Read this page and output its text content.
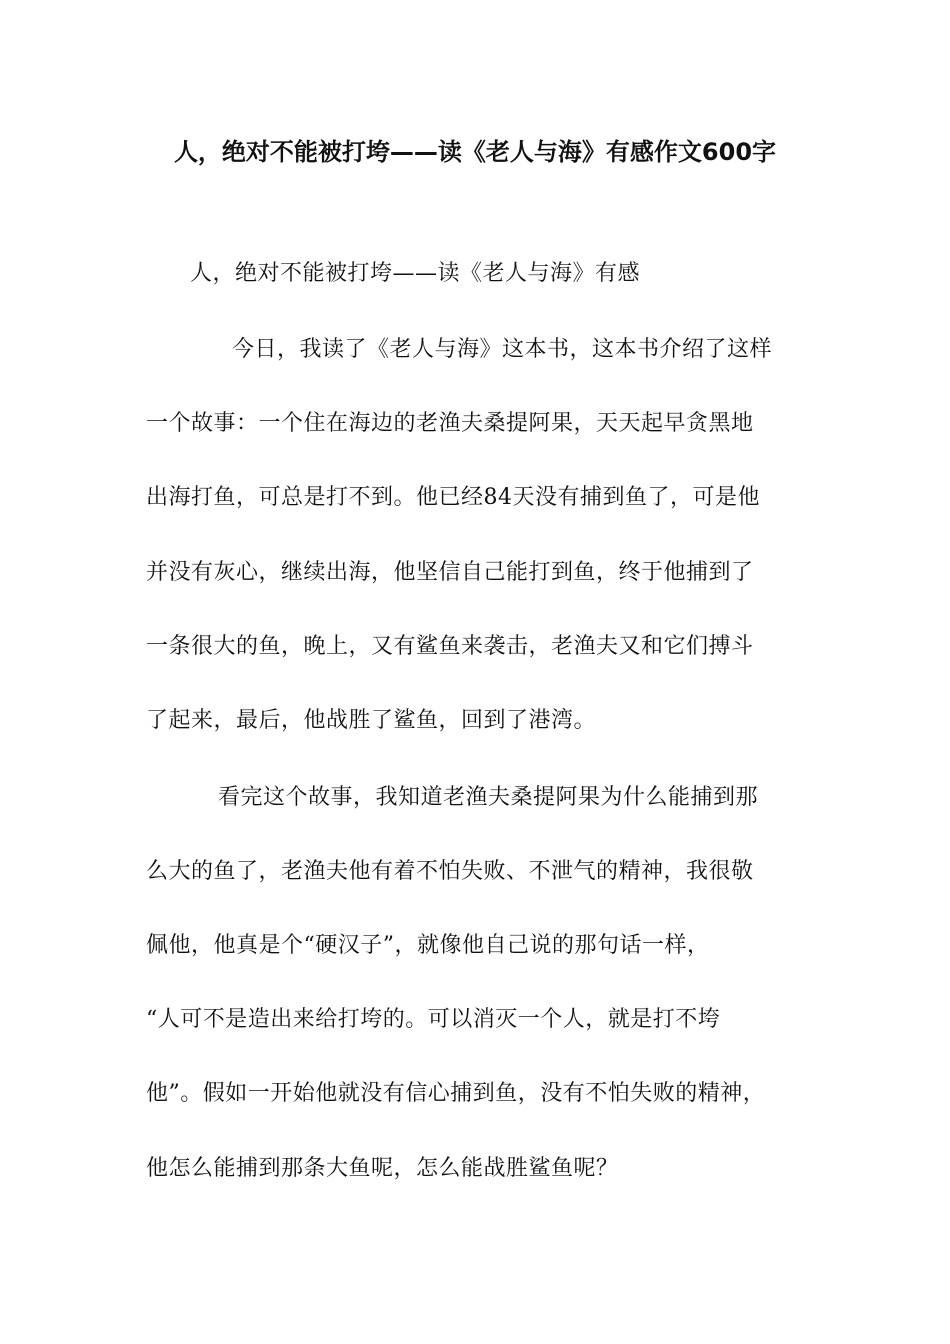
人，绝对不能被打垮——读《老人与海》有感作文600字
人，绝对不能被打垮——读《老人与海》有感
今日，我读了《老人与海》这本书，这本书介绍了这样
一个故事：一个住在海边的老渔夫桑提阿果，天天起早贪黑地
出海打鱼，可总是打不到。他已经84天没有捕到鱼了，可是他
并没有灰心，继续出海，他坚信自己能打到鱼，终于他捕到了
一条很大的鱼，晚上，又有鲨鱼来袭击，老渔夫又和它们搏斗
了起来，最后，他战胜了鲨鱼，回到了港湾。
看完这个故事，我知道老渔夫桑提阿果为什么能捕到那
么大的鱼了，老渔夫他有着不怕失败、不泄气的精神，我很敬
佩他，他真是个“硬汉子”，就像他自己说的那句话一样，
“人可不是造出来给打垮的。可以消灭一个人，就是打不垮
他”。假如一开始他就没有信心捕到鱼，没有不怕失败的精神，
他怎么能捕到那条大鱼呢，怎么能战胜鲨鱼呢？
